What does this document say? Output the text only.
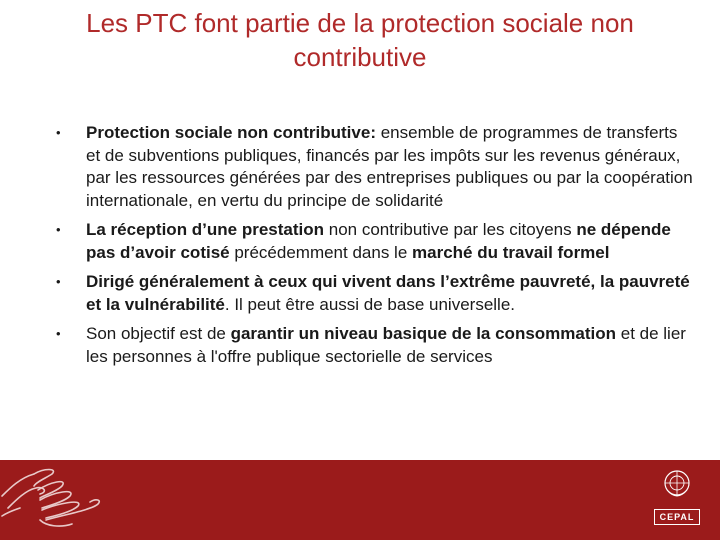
Les PTC font partie de la protection sociale non contributive
• Protection sociale non contributive: ensemble de programmes de transferts et de subventions publiques, financés par les impôts sur les revenus généraux, par les ressources générées par des entreprises publiques ou par la coopération internationale, en vertu du principe de solidarité
• La réception d’une prestation non contributive par les citoyens ne dépende pas d’avoir cotisé précédemment dans le marché du travail formel
• Dirigé généralement à ceux qui vivent dans l’extrême pauvreté, la pauvreté et la vulnérabilité. Il peut être aussi de base universelle.
• Son objectif est de garantir un niveau basique de la consommation et de lier les personnes à l'offre publique sectorielle de services
CEPAL
